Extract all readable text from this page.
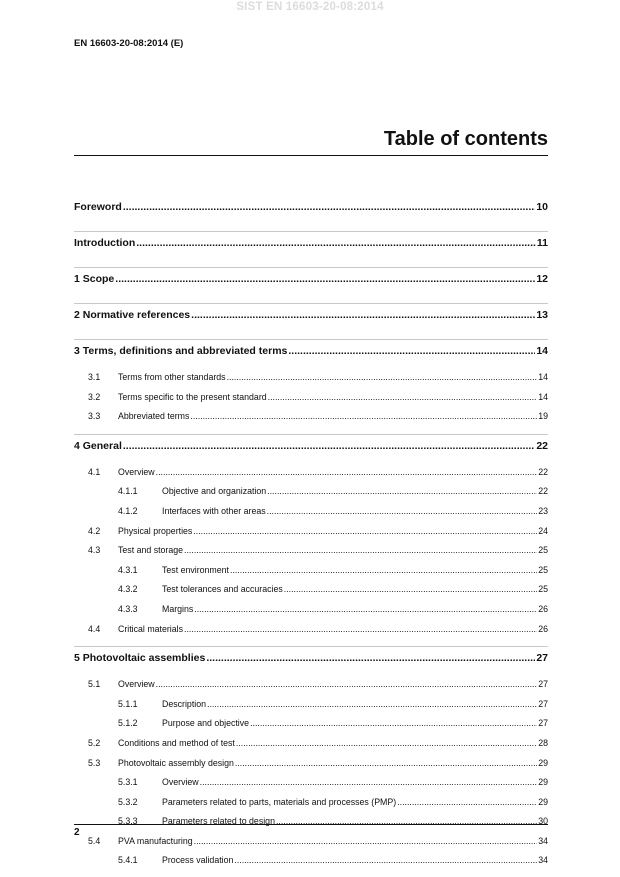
SIST EN 16603-20-08:2014
EN 16603-20-08:2014 (E)
Table of contents
Foreword .....	10
Introduction .....	11
1 Scope .....	12
2 Normative references .....	13
3 Terms, definitions and abbreviated terms .....	14
3.1	Terms from other standards .....	14
3.2	Terms specific to the present standard .....	14
3.3	Abbreviated terms .....	19
4 General .....	22
4.1	Overview .....	22
4.1.1	Objective and organization .....	22
4.1.2	Interfaces with other areas .....	23
4.2	Physical properties .....	24
4.3	Test and storage .....	25
4.3.1	Test environment .....	25
4.3.2	Test tolerances and accuracies .....	25
4.3.3	Margins .....	26
4.4	Critical materials .....	26
5 Photovoltaic assemblies .....	27
5.1	Overview .....	27
5.1.1	Description .....	27
5.1.2	Purpose and objective .....	27
5.2	Conditions and method of test .....	28
5.3	Photovoltaic assembly design .....	29
5.3.1	Overview .....	29
5.3.2	Parameters related to parts, materials and processes (PMP) .....	29
5.3.3	Parameters related to design .....	30
5.4	PVA manufacturing .....	34
5.4.1	Process validation .....	34
2
